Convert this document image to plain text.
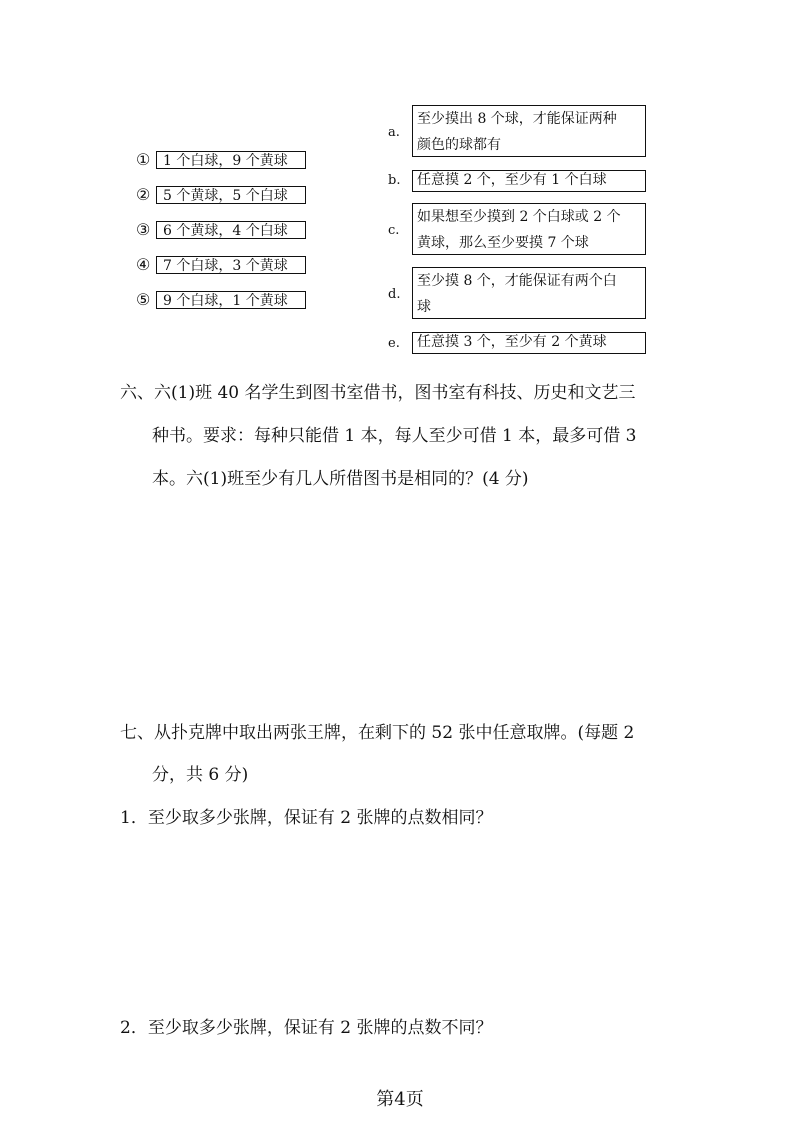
① 1 个白球，9 个黄球
② 5 个黄球，5 个白球
③ 6 个黄球，4 个白球
④ 7 个白球，3 个黄球
⑤ 9 个白球，1 个黄球
a.
至少摸出 8 个球，才能保证两种
颜色的球都有
b. 任意摸 2 个，至少有 1 个白球
c.
如果想至少摸到 2 个白球或 2 个
黄球，那么至少要摸 7 个球
d.
至少摸 8 个，才能保证有两个白
球
e. 任意摸 3 个，至少有 2 个黄球
六、六(1)班 40 名学生到图书室借书，图书室有科技、历史和文艺三
种书。要求：每种只能借 1 本，每人至少可借 1 本，最多可借 3
本。六(1)班至少有几人所借图书是相同的？(4 分)
七、从扑克牌中取出两张王牌，在剩下的 52 张中任意取牌。(每题 2
分，共 6 分)
1．至少取多少张牌，保证有 2 张牌的点数相同？
2．至少取多少张牌，保证有 2 张牌的点数不同？
第4页
